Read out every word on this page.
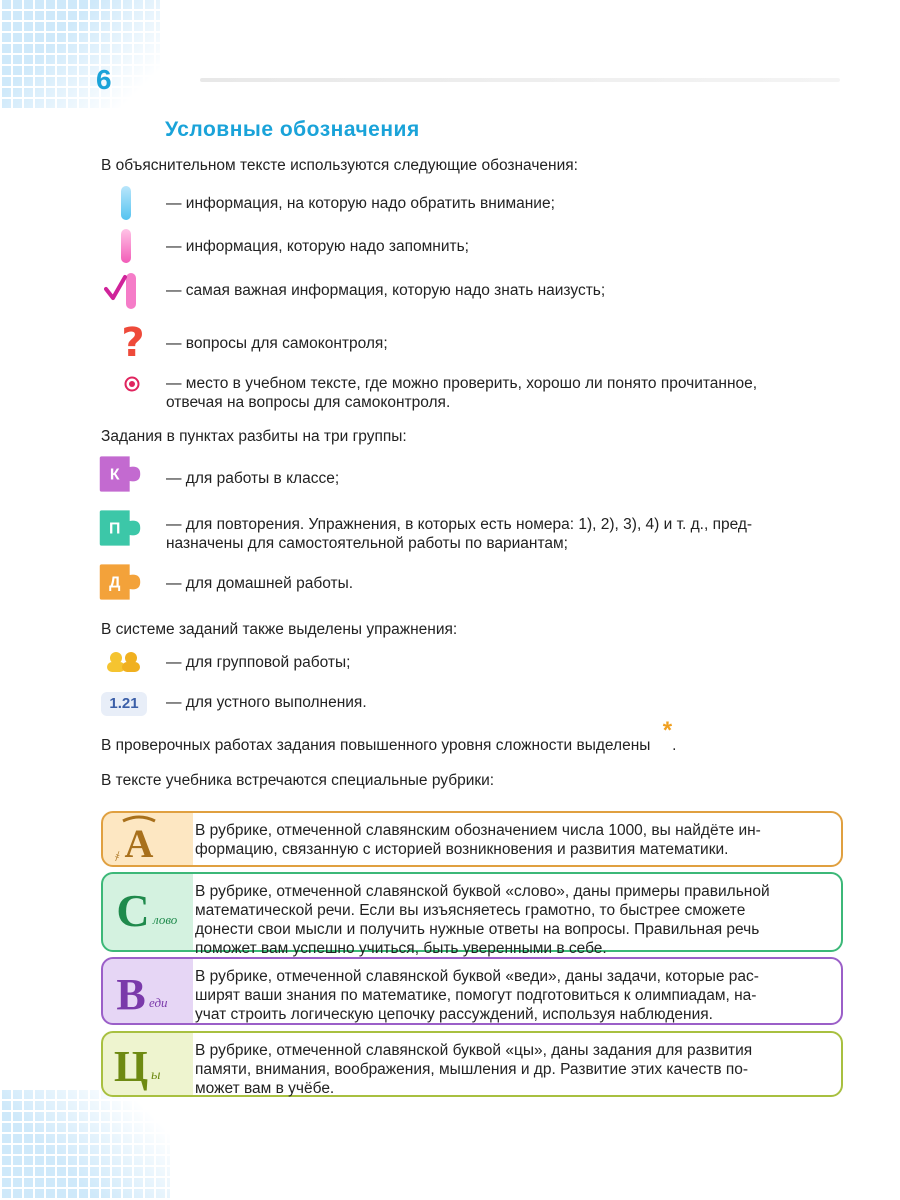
6
Условные обозначения
В объяснительном тексте используются следующие обозначения:
— информация, на которую надо обратить внимание;
— информация, которую надо запомнить;
— самая важная информация, которую надо знать наизусть;
? — вопросы для самоконтроля;
— место в учебном тексте, где можно проверить, хорошо ли понято прочитанное,
отвечая на вопросы для самоконтроля.
Задания в пунктах разбиты на три группы:
К	— для работы в классе;
П	— для повторения. Упражнения, в которых есть номера: 1), 2), 3), 4) и т. д., пред-
назначены для самостоятельной работы по вариантам;
Д	— для домашней работы.
В системе заданий также выделены упражнения:
— для групповой работы;
1.21	— для устного выполнения.
В проверочных работах задания повышенного уровня сложности выделены *.
В тексте учебника встречаются специальные рубрики:
А
҂
В рубрике, отмеченной славянским обозначением числа 1000, вы найдёте ин-
формацию, связанную с историей возникновения и развития математики.
С лово
В рубрике, отмеченной славянской буквой «слово», даны примеры правильной
математической речи. Если вы изъясняетесь грамотно, то быстрее сможете
донести свои мысли и получить нужные ответы на вопросы. Правильная речь
поможет вам успешно учиться, быть уверенными в себе.
В еди
В рубрике, отмеченной славянской буквой «веди», даны задачи, которые рас-
ширят ваши знания по математике, помогут подготовиться к олимпиадам, на-
учат строить логическую цепочку рассуждений, используя наблюдения.
Ц ы
В рубрике, отмеченной славянской буквой «цы», даны задания для развития
памяти, внимания, воображения, мышления и др. Развитие этих качеств по-
может вам в учёбе.
